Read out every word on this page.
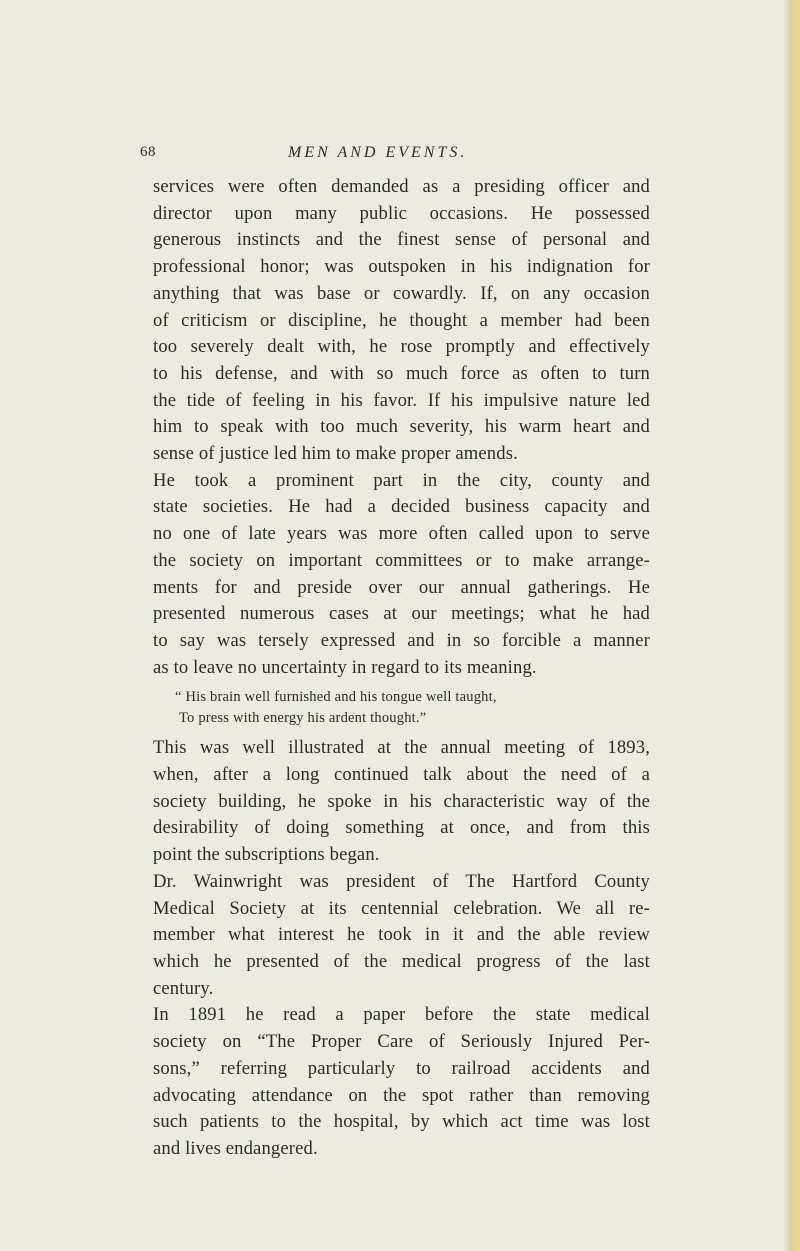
68	MEN AND EVENTS.
services were often demanded as a presiding officer and
director upon many public occasions. He possessed
generous instincts and the finest sense of personal and
professional honor; was outspoken in his indignation for
anything that was base or cowardly. If, on any occasion
of criticism or discipline, he thought a member had been
too severely dealt with, he rose promptly and effectively
to his defense, and with so much force as often to turn
the tide of feeling in his favor. If his impulsive nature led
him to speak with too much severity, his warm heart and
sense of justice led him to make proper amends.
He took a prominent part in the city, county and
state societies. He had a decided business capacity and
no one of late years was more often called upon to serve
the society on important committees or to make arrange-
ments for and preside over our annual gatherings. He
presented numerous cases at our meetings; what he had
to say was tersely expressed and in so forcible a manner
as to leave no uncertainty in regard to its meaning.
“ His brain well furnished and his tongue well taught,
To press with energy his ardent thought.”
This was well illustrated at the annual meeting of 1893,
when, after a long continued talk about the need of a
society building, he spoke in his characteristic way of the
desirability of doing something at once, and from this
point the subscriptions began.
Dr. Wainwright was president of The Hartford County
Medical Society at its centennial celebration. We all re-
member what interest he took in it and the able review
which he presented of the medical progress of the last
century.
In 1891 he read a paper before the state medical
society on “The Proper Care of Seriously Injured Per-
sons,” referring particularly to railroad accidents and
advocating attendance on the spot rather than removing
such patients to the hospital, by which act time was lost
and lives endangered.
